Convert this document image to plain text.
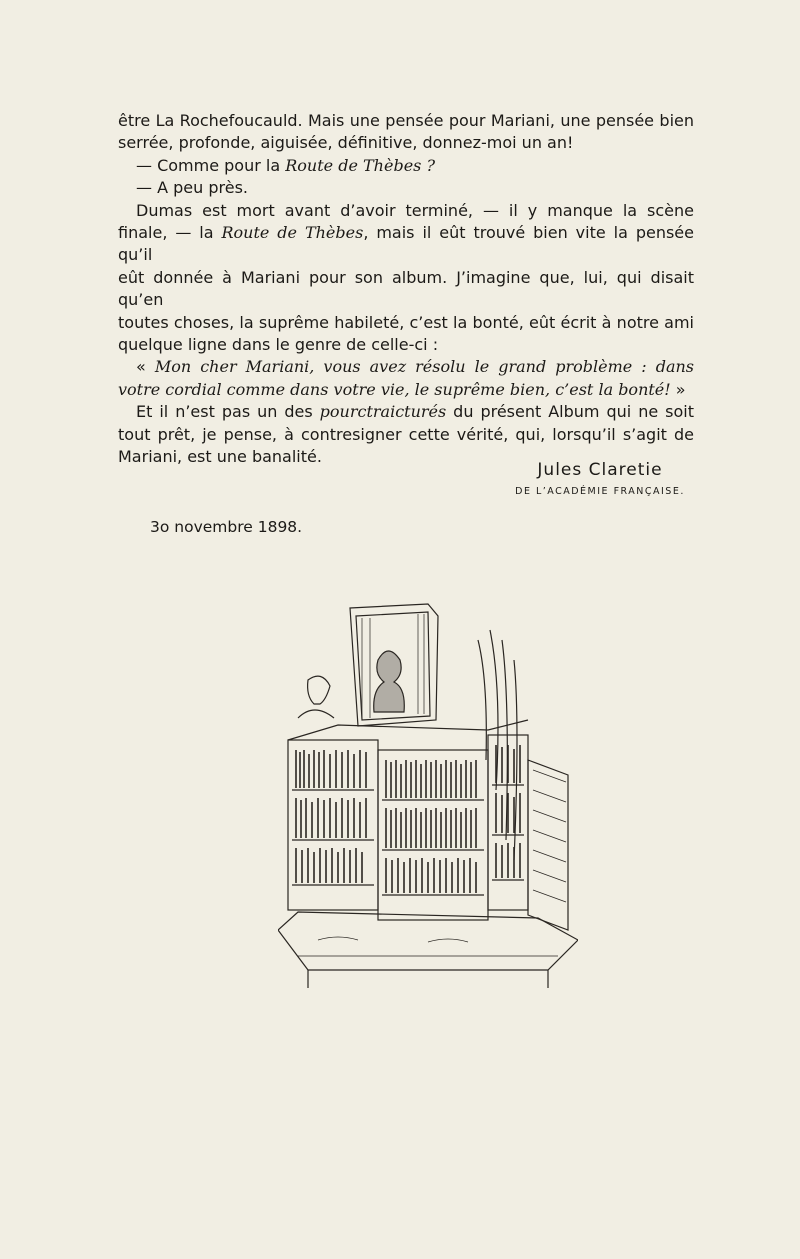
être La Rochefoucauld. Mais une pensée pour Mariani, une pensée bien
serrée, profonde, aiguisée, définitive, donnez-moi un an!

— Comme pour la Route de Thèbes ?

— A peu près.

Dumas est mort avant d’avoir terminé, — il y manque la scène
finale, — la Route de Thèbes, mais il eût trouvé bien vite la pensée qu’il
eût donnée à Mariani pour son album. J’imagine que, lui, qui disait qu’en
toutes choses, la suprême habileté, c’est la bonté, eût écrit à notre ami
quelque ligne dans le genre de celle-ci :

« Mon cher Mariani, vous avez résolu le grand problème : dans
votre cordial comme dans votre vie, le suprême bien, c’est la bonté! »

Et il n’est pas un des pourctraicturés du présent Album qui ne soit
tout prêt, je pense, à contresigner cette vérité, qui, lorsqu’il s’agit de
Mariani, est une banalité.

Jules Claretie
DE L’ACADÉMIE FRANÇAISE.
3o novembre 1898.
